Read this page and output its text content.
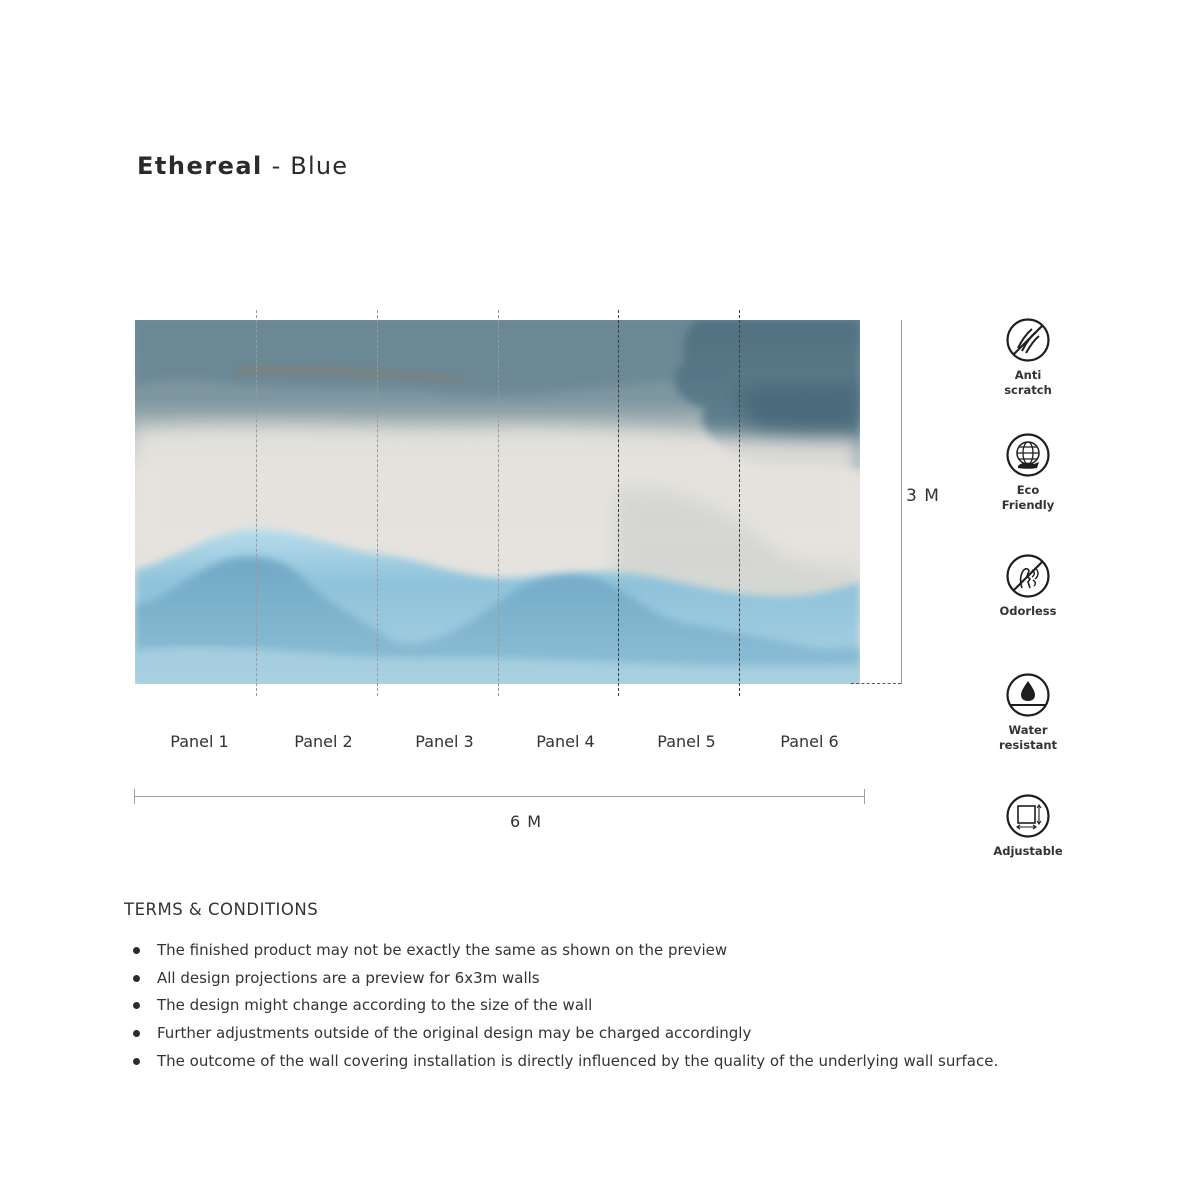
Ethereal - Blue
3 M
Panel 1	Panel 2	Panel 3	Panel 4	Panel 5	Panel 6
6 M
Anti
scratch
Eco
Friendly
Odorless
Water
resistant
Adjustable
TERMS & CONDITIONS
The finished product may not be exactly the same as shown on the preview
All design projections are a preview for 6x3m walls
The design might change according to the size of the wall
Further adjustments outside of the original design may be charged accordingly
The outcome of the wall covering installation is directly influenced by the quality of the underlying wall surface.
